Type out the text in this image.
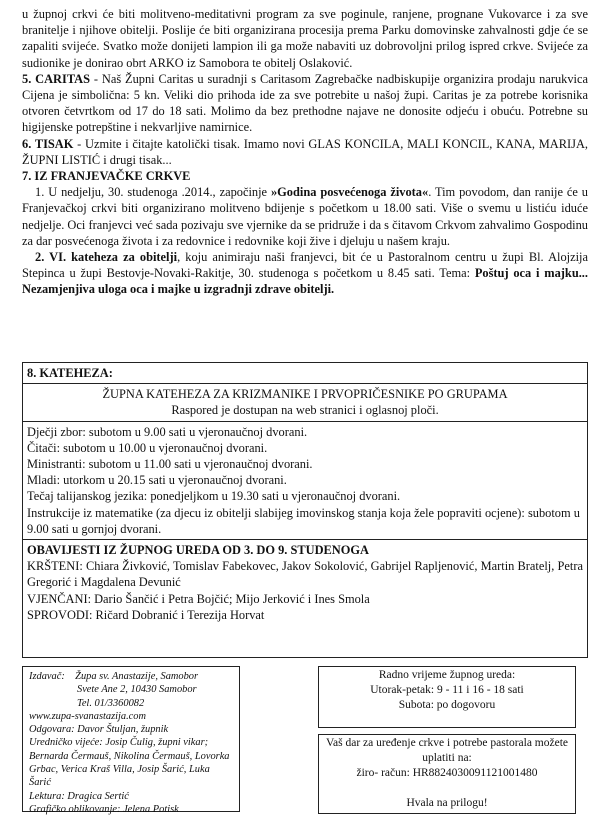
u župnoj crkvi će biti molitveno-meditativni program za sve poginule, ranjene, prognane Vukovarce i za sve branitelje i njihove obitelji. Poslije će biti organizirana procesija prema Parku domovinske zahvalnosti gdje će se zapaliti svijeće. Svatko može donijeti lampion ili ga može nabaviti uz dobrovoljni prilog ispred crkve. Svijeće za sudionike je donirao obrt ARKO iz Samobora te obitelj Oslaković.

5. CARITAS - Naš Župni Caritas u suradnji s Caritasom Zagrebačke nadbiskupije organizira prodaju narukvica Cijena je simbolična: 5 kn. Veliki dio prihoda ide za sve potrebite u našoj župi. Caritas je za potrebe korisnika otvoren četvrtkom od 17 do 18 sati. Molimo da bez prethodne najave ne donosite odjeću i obuću. Potrebne su higijenske potrepštine i nekvarljive namirnice.

6. TISAK - Uzmite i čitajte katolički tisak. Imamo novi GLAS KONCILA, MALI KONCIL, KANA, MARIJA, ŽUPNI LISTIĆ i drugi tisak...

7. IZ FRANJEVAČKE CRKVE

1. U nedjelju, 30. studenoga .2014., započinje »Godina posvećenoga života«. Tim povodom, dan ranije će u Franjevačkoj crkvi biti organizirano molitveno bdijenje s početkom u 18.00 sati. Više o svemu u listiću iduće nedjelje. Oci franjevci već sada pozivaju sve vjernike da se pridruže i da s čitavom Crkvom zahvalimo Gospodinu za dar posvećenoga života i za redovnice i redovnike koji žive i djeluju u našem kraju.

2. VI. kateheza za obitelji, koju animiraju naši franjevci, bit će u Pastoralnom centru u župi Bl. Alojzija Stepinca u župi Bestovje-Novaki-Rakitje, 30. studenoga s početkom u 8.45 sati. Tema: Poštuj oca i majku... Nezamjenjiva uloga oca i majke u izgradnji zdrave obitelji.

8. KATEHEZA:
ŽUPNA KATEHEZA ZA KRIZMANIKE I PRVOPRIČESNIKE PO GRUPAMA
Raspored je dostupan na web stranici i oglasnoj ploči.
Dječji zbor: subotom u 9.00 sati u vjeronaučnoj dvorani.
Čitači: subotom u 10.00 u vjeronaučnoj dvorani.
Ministranti: subotom u 11.00 sati u vjeronaučnoj dvorani.
Mladi: utorkom u 20.15 sati u vjeronaučnoj dvorani.
Tečaj talijanskog jezika: ponedjeljkom u 19.30 sati u vjeronaučnoj dvorani.
Instrukcije iz matematike (za djecu iz obitelji slabijeg imovinskog stanja koja žele popraviti ocjene): subotom u 9.00 sati u gornjoj dvorani.
OBAVIJESTI IZ ŽUPNOG UREDA OD 3. DO 9. STUDENOGA
KRŠTENI: Chiara Živković, Tomislav Fabekovec, Jakov Sokolović, Gabrijel Rapljenović, Martin Bratelj, Petra Gregorić i Magdalena Devunić
VJENČANI: Dario Šančić i Petra Bojčić; Mijo Jerković i Ines Smola
SPROVODI: Ričard Dobranić i Terezija Horvat
Izdavač: Župa sv. Anastazije, Samobor
Svete Ane 2, 10430 Samobor
Tel. 01/3360082
www.zupa-svanastazija.com
Odgovara: Davor Štuljan, župnik
Uredničko vijeće: Josip Čulig, župni vikar; Bernarda Čermauš, Nikolina Čermauš, Lovorka Grbac, Verica Kraš Villa, Josip Šarić, Luka Šarić
Lektura: Dragica Sertić
Grafičko oblikovanje: Jelena Potisk
Radno vrijeme župnog ureda:
Utorak-petak: 9 - 11 i 16 - 18 sati
Subota: po dogovoru
Vaš dar za uređenje crkve i potrebe pastorala možete uplatiti na:
žiro- račun: HR8824030091121001480
Hvala na prilogu!
